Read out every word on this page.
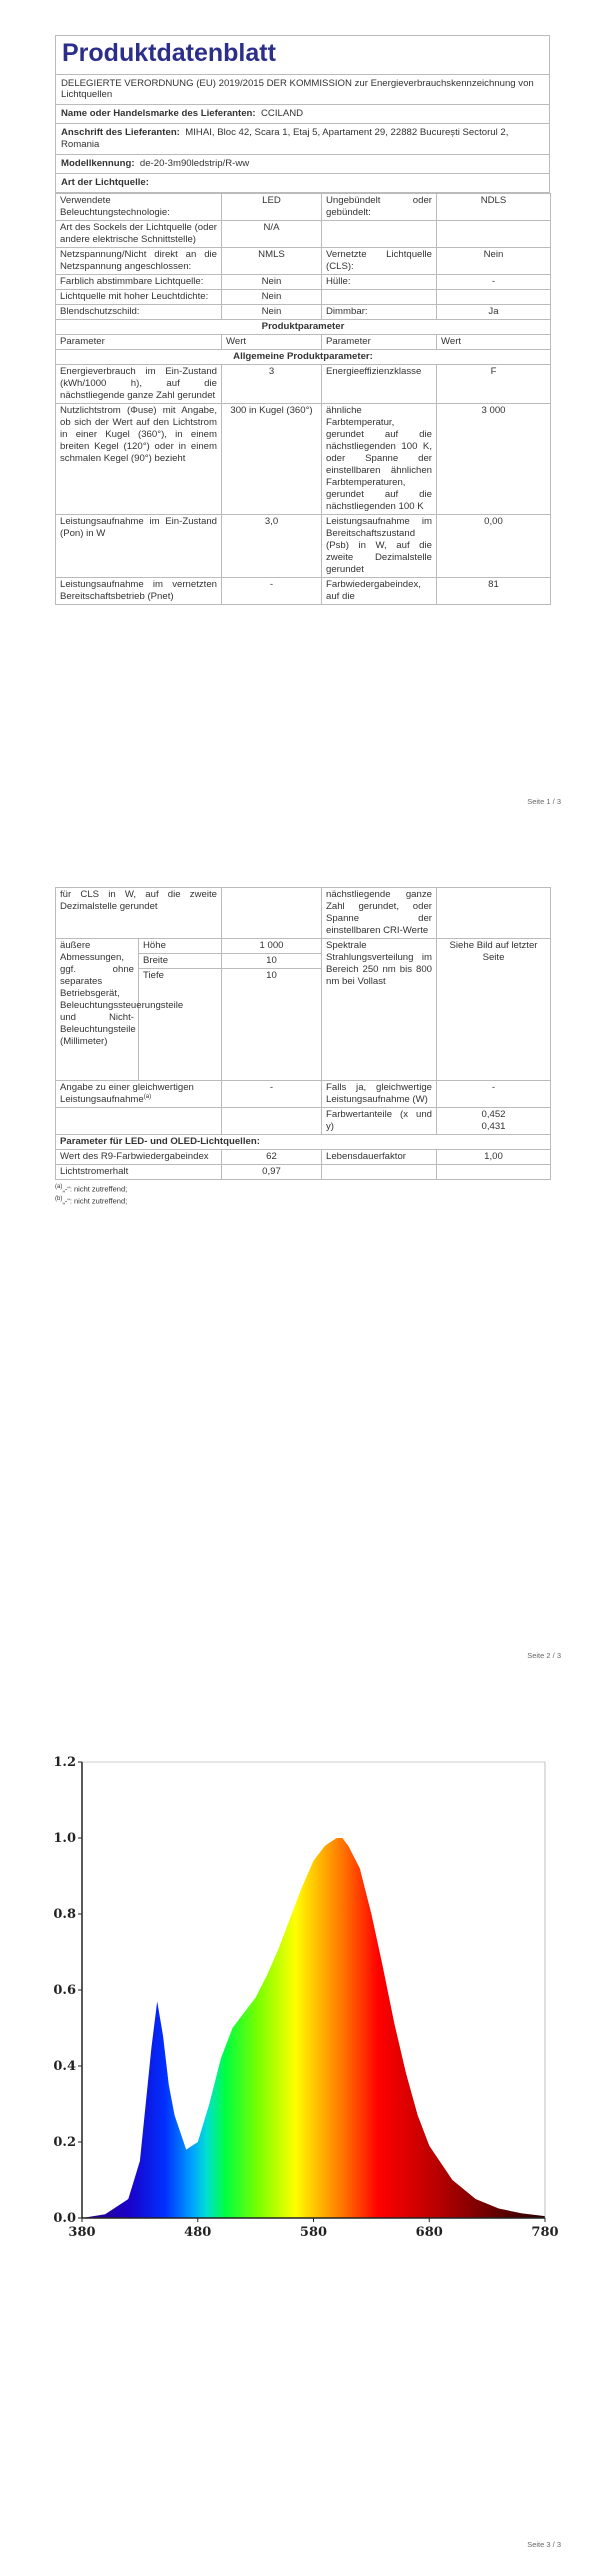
Produktdatenblatt
DELEGIERTE VERORDNUNG (EU) 2019/2015 DER KOMMISSION zur Energieverbrauchskennzeichnung von Lichtquellen
Name oder Handelsmarke des Lieferanten: CCILAND
Anschrift des Lieferanten: MIHAI, Bloc 42, Scara 1, Etaj 5, Apartament 29, 22882 București Sectorul 2, Romania
Modellkennung: de-20-3m90ledstrip/R-ww
Art der Lichtquelle:
Verwendete Beleuchtungstechnologie:	LED	Ungebündelt oder gebündelt:	NDLS
Art des Sockels der Lichtquelle (oder andere elektrische Schnittstelle)	N/A		
Netzspannung/Nicht direkt an die Netzspannung angeschlossen:	NMLS	Vernetzte Lichtquelle (CLS):	Nein
Farblich abstimmbare Lichtquelle:	Nein	Hülle:	-
Lichtquelle mit hoher Leuchtdichte:	Nein		
Blendschutzschild:	Nein	Dimmbar:	Ja
Produktparameter			
Parameter	Wert	Parameter	Wert
Allgemeine Produktparameter:			
Energieverbrauch im Ein-Zustand (kWh/1000 h), auf die nächstliegende ganze Zahl gerundet	3	Energieeffizienzklasse	F
Nutzlichtstrom (Φuse) mit Angabe, ob sich der Wert auf den Lichtstrom in einer Kugel (360°), in einem breiten Kegel (120°) oder in einem schmalen Kegel (90°) bezieht	300 in Kugel (360°)	ähnliche Farbtemperatur, gerundet auf die nächstliegenden 100 K, oder Spanne der einstellbaren ähnlichen Farbtemperaturen, gerundet auf die nächstliegenden 100 K	3 000
Leistungsaufnahme im Ein-Zustand (Pon) in W	3,0	Leistungsaufnahme im Bereitschaftszustand (Psb) in W, auf die zweite Dezimalstelle gerundet	0,00
Leistungsaufnahme im vernetzten Bereitschaftsbetrieb (Pnet)	-	Farbwiedergabeindex, auf die	81
Seite 1 / 3
für CLS in W, auf die zweite Dezimalstelle gerundet			nächstliegende ganze Zahl gerundet, oder Spanne der einstellbaren CRI-Werte	
äußere Abmessungen, ggf. ohne separates Betriebsgerät, Beleuchtungssteuerungsteile und Nicht-Beleuchtungsteile (Millimeter)	Höhe	1 000	Spektrale Strahlungsverteilung im Bereich 250 nm bis 800 nm bei Vollast	Siehe Bild auf letzter Seite
	Breite	10		
	Tiefe	10		
Angabe zu einer gleichwertigen Leistungsaufnahme$^{(a)}$		-	Falls ja, gleichwertige Leistungsaufnahme (W)	-
			Farbwertanteile (x und y)	0,452
0,431

Parameter für LED- und OLED-Lichtquellen:				
Wert des R9-Farbwiedergabeindex		62	Lebensdauerfaktor	1,00
Lichtstromerhalt		0,97		
$^{(a)}$„-“: nicht zutreffend;
$^{(b)}$„-“: nicht zutreffend;
Seite 2 / 3
0.0
0.2
0.4
0.6
0.8
1.0
1.2
380	480	580	680	780
Seite 3 / 3
